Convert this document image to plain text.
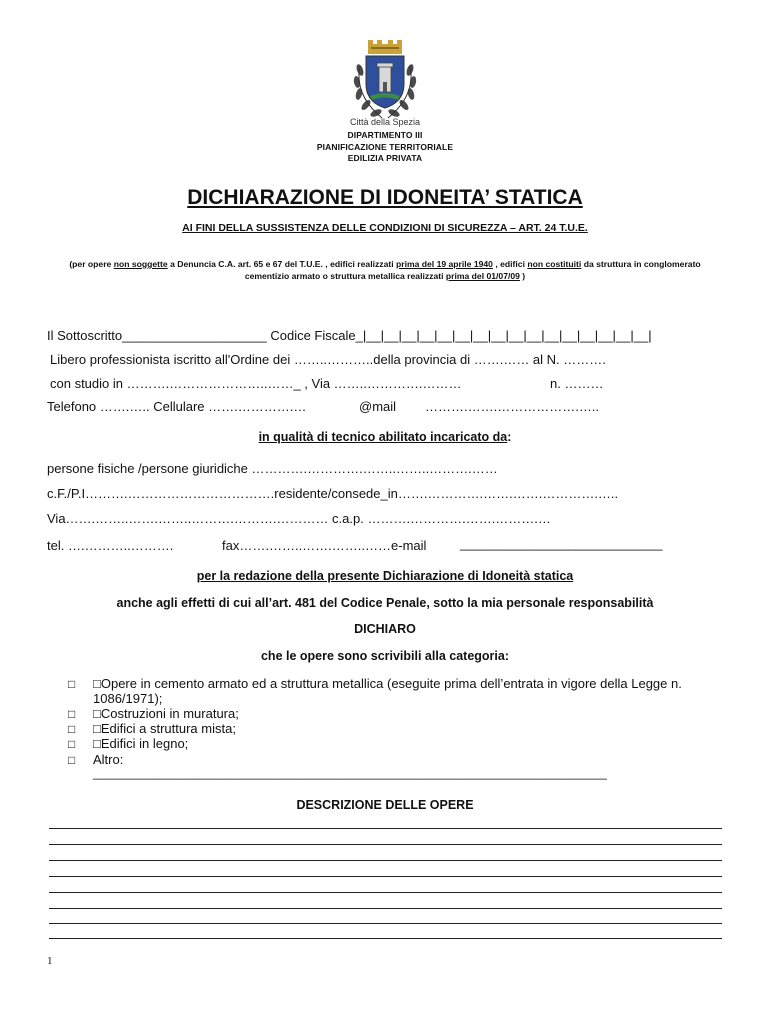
Città della Spezia
DIPARTIMENTO III
PIANIFICAZIONE TERRITORIALE
EDILIZIA PRIVATA
DICHIARAZIONE DI IDONEITA’ STATICA
AI FINI DELLA SUSSISTENZA DELLE CONDIZIONI DI SICUREZZA – ART. 24 T.U.E.
(per opere non soggette a Denuncia C.A. art. 65 e 67 del T.U.E. , edifici realizzati prima del 19 aprile 1940 , edifici non costituiti da struttura in conglomerato cementizio armato o struttura metallica realizzati prima del 01/07/09 )
Il Sottoscritto____________________ Codice Fiscale_|__|__|__|__|__|__|__|__|__|__|__|__|__|__|__|__|
Libero professionista iscritto all'Ordine dei ……..………..della provincia di …….…… al N. ……….
con studio in ……….…………………..……_ , Via ……..………….………	n. ………
Telefono …….….. Cellulare …….………….…	@mail ……….…….……………….…..
in qualità di tecnico abilitato incaricato da:
persone fisiche /persone giuridiche ………….………….……..……..……….……
c.F./P.I……….…………………………….residente/consede_in…….………….…….…….………….…..
Via…….……..…….……..……….……….………… c.a.p. ……….………….…….……….…
tel. ….………..……….	fax…….……..…….……..……e-mail	____________________________
per la redazione della presente Dichiarazione di Idoneità statica
anche agli effetti di cui all’art. 481 del Codice Penale, sotto la mia personale responsabilità
DICHIARO
che le opere sono scrivibili alla categoria:
□ □Opere in cemento armato ed a struttura metallica (eseguite prima dell’entrata in vigore della Legge n. 1086/1971);
□ □Costruzioni in muratura;
□ □Edifici a struttura mista;
□ □Edifici in legno;
□ Altro:
_____________________________________________________________________________
DESCRIZIONE DELLE OPERE
1
